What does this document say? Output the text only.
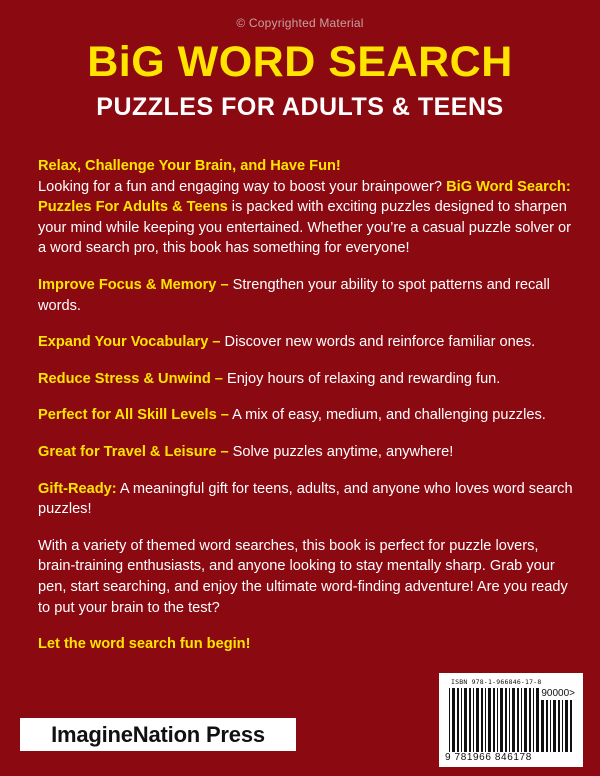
© Copyrighted Material
BiG WORD SEARCH
PUZZLES FOR ADULTS & TEENS

Relax, Challenge Your Brain, and Have Fun!
Looking for a fun and engaging way to boost your brainpower? BiG Word Search: Puzzles For Adults & Teens is packed with exciting puzzles designed to sharpen your mind while keeping you entertained. Whether you’re a casual puzzle solver or a word search pro, this book has something for everyone!

Improve Focus & Memory – Strengthen your ability to spot patterns and recall words.

Expand Your Vocabulary – Discover new words and reinforce familiar ones.

Reduce Stress & Unwind – Enjoy hours of relaxing and rewarding fun.

Perfect for All Skill Levels – A mix of easy, medium, and challenging puzzles.

Great for Travel & Leisure – Solve puzzles anytime, anywhere!

Gift-Ready: A meaningful gift for teens, adults, and anyone who loves word search puzzles!

With a variety of themed word searches, this book is perfect for puzzle lovers, brain-training enthusiasts, and anyone looking to stay mentally sharp. Grab your pen, start searching, and enjoy the ultimate word-finding adventure! Are you ready to put your brain to the test?

Let the word search fun begin!

ImagineNation Press
ISBN 978-1-966846-17-8
90000>
9 781966 846178
